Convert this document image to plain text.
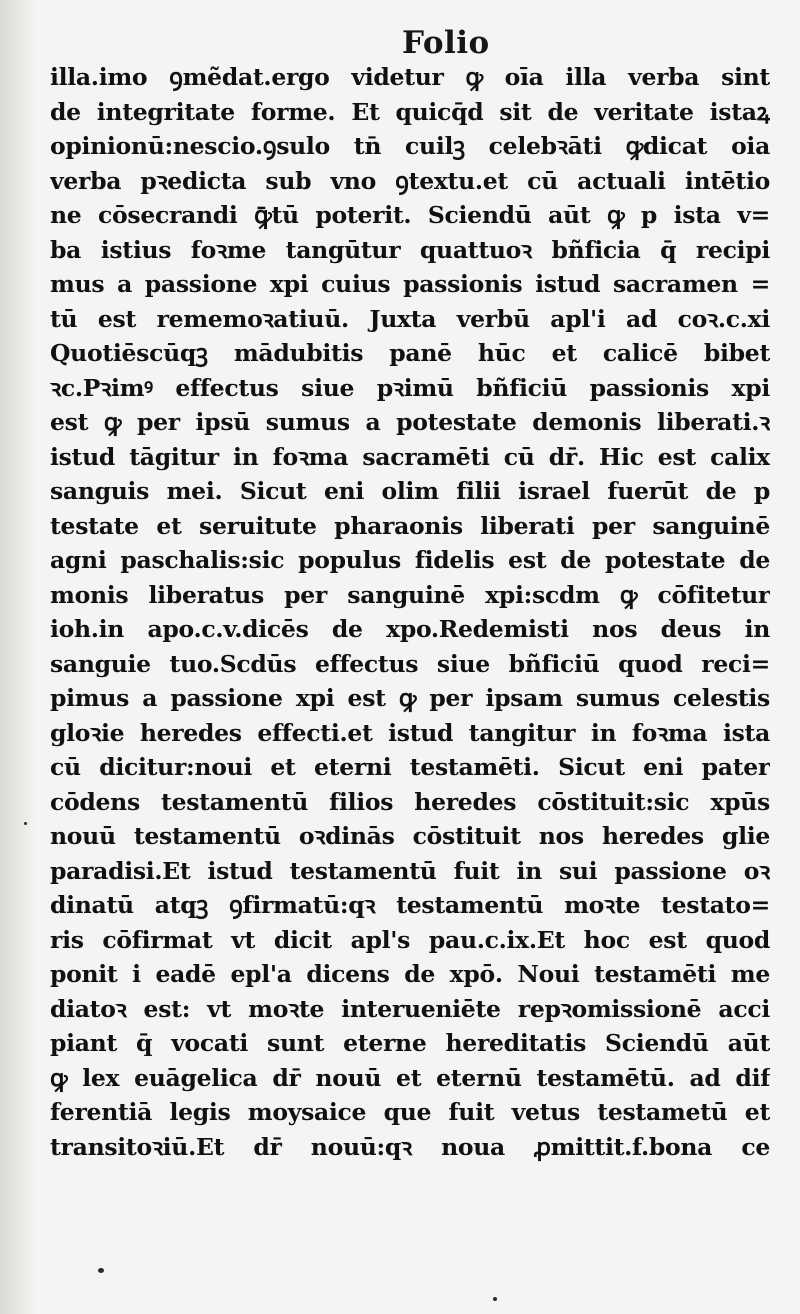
Folio
illa.imo ꝯmẽdat.ergo videtur ꝙ oīa illa verba sint
de integritate forme. Et quicq̄d sit de veritate istaꝝ
opinionū:nescio.ꝯsulo tn̄ cuilꝫ celebꝛāti ꝙdicat oia
verba pꝛedicta sub vno ꝯtextu.et cū actuali intētio
ne cōsecrandi ꝙ̄tū poterit. Sciendū aūt ꝙ p ista v=
ba istius foꝛme tangūtur quattuoꝛ bñficia q̄ recipi
mus a passione xpi cuius passionis istud sacramen =
tū est rememoꝛatiuū. Juxta verbū apl'i ad coꝛ.c.xi
Quotiēscūqꝫ mādubitis panē hūc et calicē bibet
ꝛc.Pꝛimꝰ effectus siue pꝛimū bñficiū passionis xpi
est ꝙ per ipsū sumus a potestate demonis liberati.ꝛ
istud tāgitur in foꝛma sacramēti cū dr̄. Hic est calix
sanguis mei. Sicut eni olim filii israel fuerūt de p
testate et seruitute pharaonis liberati per sanguinē
agni paschalis:sic populus fidelis est de potestate de
monis liberatus per sanguinē xpi:scdm ꝙ cōfitetur
ioh.in apo.c.v.dicēs de xpo.Redemisti nos deus in
sanguie tuo.Scdūs effectus siue bñficiū quod reci=
pimus a passione xpi est ꝙ per ipsam sumus celestis
gloꝛie heredes effecti.et istud tangitur in foꝛma ista
cū dicitur:noui et eterni testamēti. Sicut eni pater
cōdens testamentū filios heredes cōstituit:sic xpūs
nouū testamentū oꝛdinās cōstituit nos heredes glie
paradisi.Et istud testamentū fuit in sui passione oꝛ
dinatū atqꝫ ꝯfirmatū:qꝛ testamentū moꝛte testato=
ris cōfirmat vt dicit apl's pau.c.ix.Et hoc est quod
ponit i eadē epl'a dicens de xpō. Noui testamēti me
diatoꝛ est: vt moꝛte interueniēte repꝛomissionē acci
piant q̄ vocati sunt eterne hereditatis Sciendū aūt
ꝙ lex euāgelica dr̄ nouū et eternū testamētū. ad dif
ferentiā legis moysaice que fuit vetus testametū et
transitoꝛiū.Et dr̄ nouū:qꝛ noua ꝓmittit.f.bona ce
